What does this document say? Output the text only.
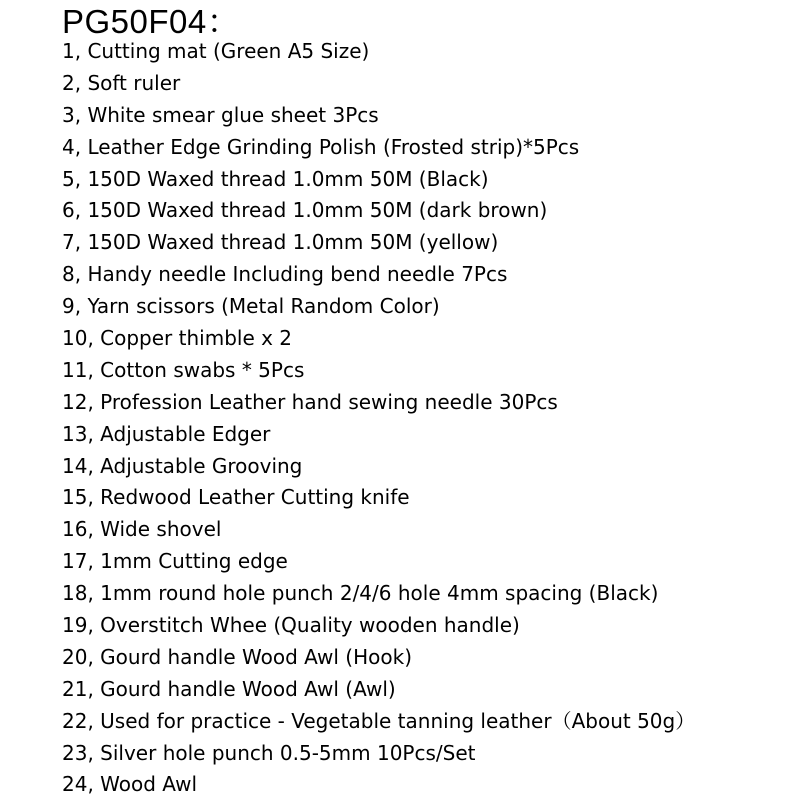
PG50F04：
1, Cutting mat (Green A5 Size)
2, Soft ruler
3, White smear glue sheet 3Pcs
4, Leather Edge Grinding Polish (Frosted strip)*5Pcs
5, 150D Waxed thread 1.0mm 50M (Black)
6, 150D Waxed thread 1.0mm 50M (dark brown)
7, 150D Waxed thread 1.0mm 50M (yellow)
8, Handy needle Including bend needle 7Pcs
9, Yarn scissors (Metal Random Color)
10, Copper thimble x 2
11, Cotton swabs * 5Pcs
12, Profession Leather hand sewing needle 30Pcs
13, Adjustable Edger
14, Adjustable Grooving
15, Redwood Leather Cutting knife
16, Wide shovel
17, 1mm Cutting edge
18, 1mm round hole punch 2/4/6 hole 4mm spacing (Black)
19, Overstitch Whee (Quality wooden handle)
20, Gourd handle Wood Awl (Hook)
21, Gourd handle Wood Awl (Awl)
22, Used for practice - Vegetable tanning leather（About 50g）
23, Silver hole punch 0.5-5mm 10Pcs/Set
24, Wood Awl
